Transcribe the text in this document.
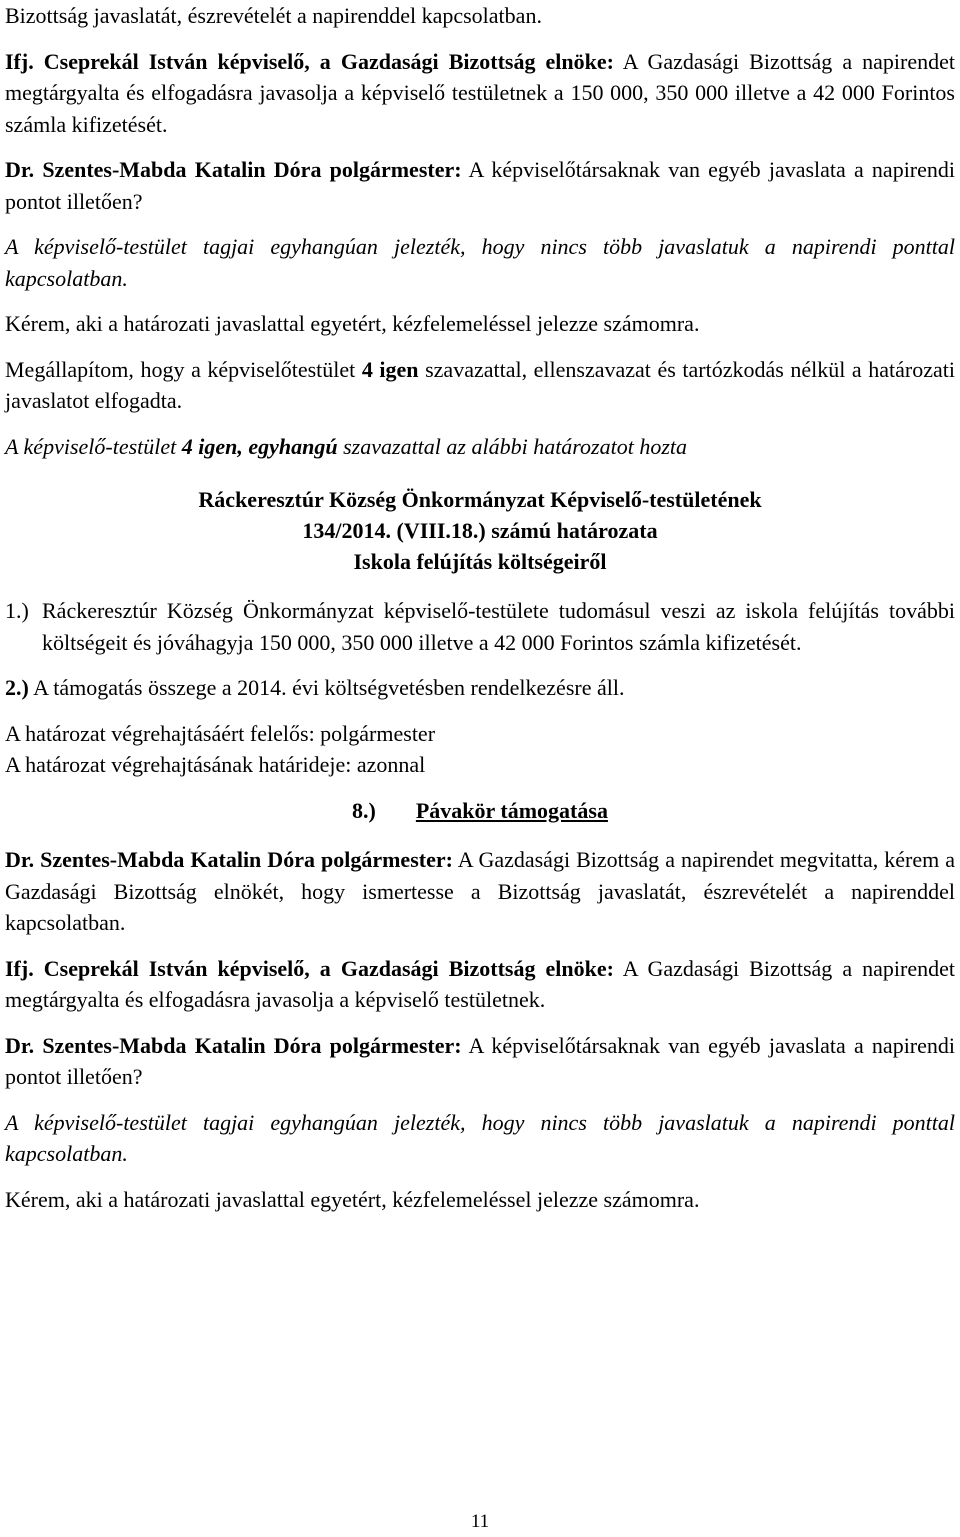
Bizottság javaslatát, észrevételét a napirenddel kapcsolatban.

Ifj. Cseprekál István képviselő, a Gazdasági Bizottság elnöke: A Gazdasági Bizottság a napirendet megtárgyalta és elfogadásra javasolja a képviselő testületnek a 150 000, 350 000 illetve a 42 000 Forintos számla kifizetését.

Dr. Szentes-Mabda Katalin Dóra polgármester: A képviselőtársaknak van egyéb javaslata a napirendi pontot illetően?

A képviselő-testület tagjai egyhangúan jelezték, hogy nincs több javaslatuk a napirendi ponttal kapcsolatban.

Kérem, aki a határozati javaslattal egyetért, kézfelemeléssel jelezze számomra.

Megállapítom, hogy a képviselőtestület 4 igen szavazattal, ellenszavazat és tartózkodás nélkül a határozati javaslatot elfogadta.

A képviselő-testület 4 igen, egyhangú szavazattal az alábbi határozatot hozta

Ráckeresztúr Község Önkormányzat Képviselő-testületének
134/2014. (VIII.18.) számú határozata
Iskola felújítás költségeiről
1.) Ráckeresztúr Község Önkormányzat képviselő-testülete tudomásul veszi az iskola felújítás további költségeit és jóváhagyja 150 000, 350 000 illetve a 42 000 Forintos számla kifizetését.

2.) A támogatás összege a 2014. évi költségvetésben rendelkezésre áll.

A határozat végrehajtásáért felelős: polgármester
A határozat végrehajtásának határideje: azonnal
8.) Pávakör támogatása

Dr. Szentes-Mabda Katalin Dóra polgármester: A Gazdasági Bizottság a napirendet megvitatta, kérem a Gazdasági Bizottság elnökét, hogy ismertesse a Bizottság javaslatát, észrevételét a napirenddel kapcsolatban.

Ifj. Cseprekál István képviselő, a Gazdasági Bizottság elnöke: A Gazdasági Bizottság a napirendet megtárgyalta és elfogadásra javasolja a képviselő testületnek.

Dr. Szentes-Mabda Katalin Dóra polgármester: A képviselőtársaknak van egyéb javaslata a napirendi pontot illetően?

A képviselő-testület tagjai egyhangúan jelezték, hogy nincs több javaslatuk a napirendi ponttal kapcsolatban.

Kérem, aki a határozati javaslattal egyetért, kézfelemeléssel jelezze számomra.

11
